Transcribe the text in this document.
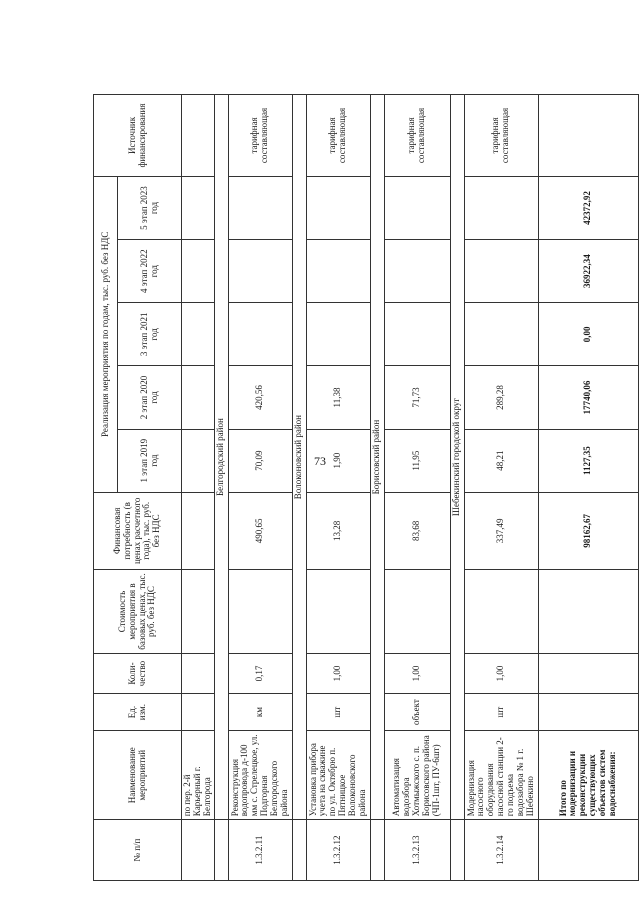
73
№ п/п	Наименование мероприятий	Ед. изм.	Коли-чество	Стоимость мероприятия в базовых ценах, тыс. руб. без НДС	Финансовая потребность (в ценах расчетного года), тыс. руб. без НДС	Реализация мероприятия по годам, тыс. руб. без НДС					Источник финансирования
						1 этап 2019 год	2 этап 2020 год	3 этап 2021 год	4 этап 2022 год	5 этап 2023 год	
	по пер. 2-й Карьерный г. Белгорода										
	Белгородский район										
1.3.2.11	Реконструкция водопровода д-100 мм с. Стрелецкое, ул. Подгорная Белгородского района	км	0,17		490,65	70,09	420,56				тарифная составляющая
	Волоконовский район										
1.3.2.12	Установка прибора учета на скважине по ул. Октябрю п. Пятницкое Волоконовского района	шт	1,00		13,28	1,90	11,38				тарифная составляющая
	Борисовский район										
1.3.2.13	Автоматизация водозбора Хотмыжского с. п. Борисовского района (ЧП-1шт, ПУ-6шт)	объект	1,00		83,68	11,95	71,73				тарифная составляющая
	Шебекинский городской округ										
1.3.2.14	Модернизация насосного оборудования насосной станции 2-го подъема водозабора № 1 г. Шебекино	шт	1,00		337,49	48,21	289,28				тарифная составляющая
	Итого по модернизации и реконструкции существующих объектов систем водоснабжения:				98162,67	1127,35	17740,06	0,00	36922,34	42372,92	
